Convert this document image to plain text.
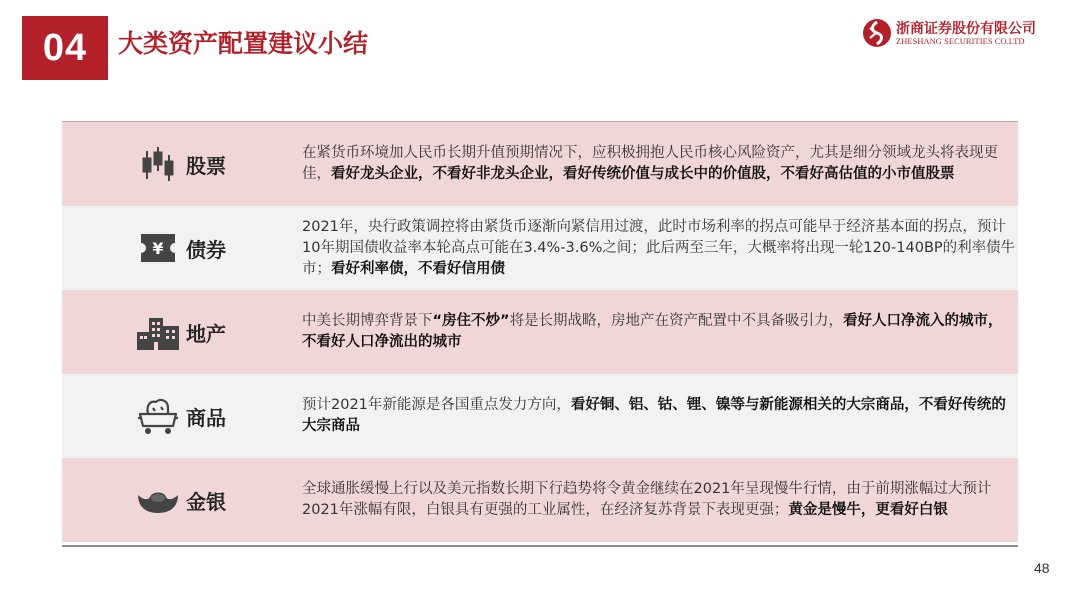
04 大类资产配置建议小结	浙商证券股份有限公司
ZHESHANG SECURITIES CO.LTD
股票
在紧货币环境加人民币长期升值预期情况下，应积极拥抱人民币核心风险资产，尤其是细分领域龙头将表现更佳，看好龙头企业，不看好非龙头企业，看好传统价值与成长中的价值股，不看好高估值的小市值股票
¥ 债券
2021年，央行政策调控将由紧货币逐渐向紧信用过渡，此时市场利率的拐点可能早于经济基本面的拐点，预计10年期国债收益率本轮高点可能在3.4%-3.6%之间；此后两至三年，大概率将出现一轮120-140BP的利率债牛市；看好利率债，不看好信用债
地产
中美长期博弈背景下“房住不炒”将是长期战略，房地产在资产配置中不具备吸引力，看好人口净流入的城市，不看好人口净流出的城市
商品
预计2021年新能源是各国重点发力方向，看好铜、铝、钴、锂、镍等与新能源相关的大宗商品，不看好传统的大宗商品
金银
全球通胀缓慢上行以及美元指数长期下行趋势将令黄金继续在2021年呈现慢牛行情，由于前期涨幅过大预计2021年涨幅有限，白银具有更强的工业属性，在经济复苏背景下表现更强；黄金是慢牛，更看好白银
48
